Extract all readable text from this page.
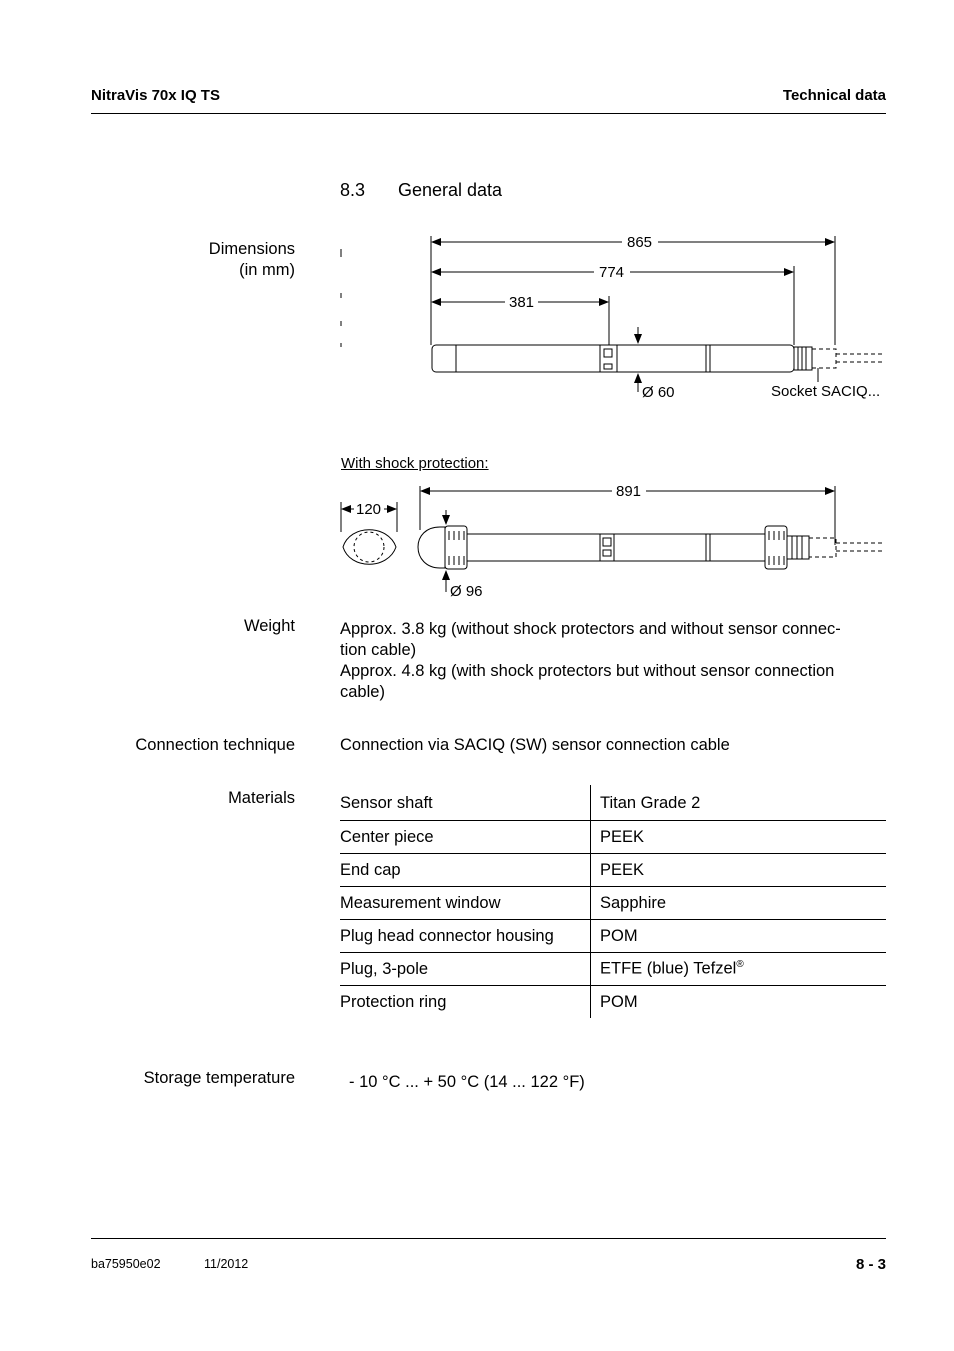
NitraVis 70x IQ TS	Technical data
8.3 General data
Dimensions
(in mm)
865
774
381
Ø 60	Socket SACIQ...
With shock protection:
120
891
Ø 96
Weight	Approx. 3.8 kg (without shock protectors and without sensor connec-
tion cable)
Approx. 4.8 kg (with shock protectors but without sensor connection
cable)
Connection technique	Connection via SACIQ (SW) sensor connection cable
Materials	Sensor shaft	Titan Grade 2
Center piece	PEEK
End cap	PEEK
Measurement window	Sapphire
Plug head connector housing	POM
Plug, 3-pole	ETFE (blue) Tefzel®
Protection ring	POM
Storage temperature	- 10 °C ... + 50 °C (14 ... 122 °F)
ba75950e02	11/2012	8 - 3
